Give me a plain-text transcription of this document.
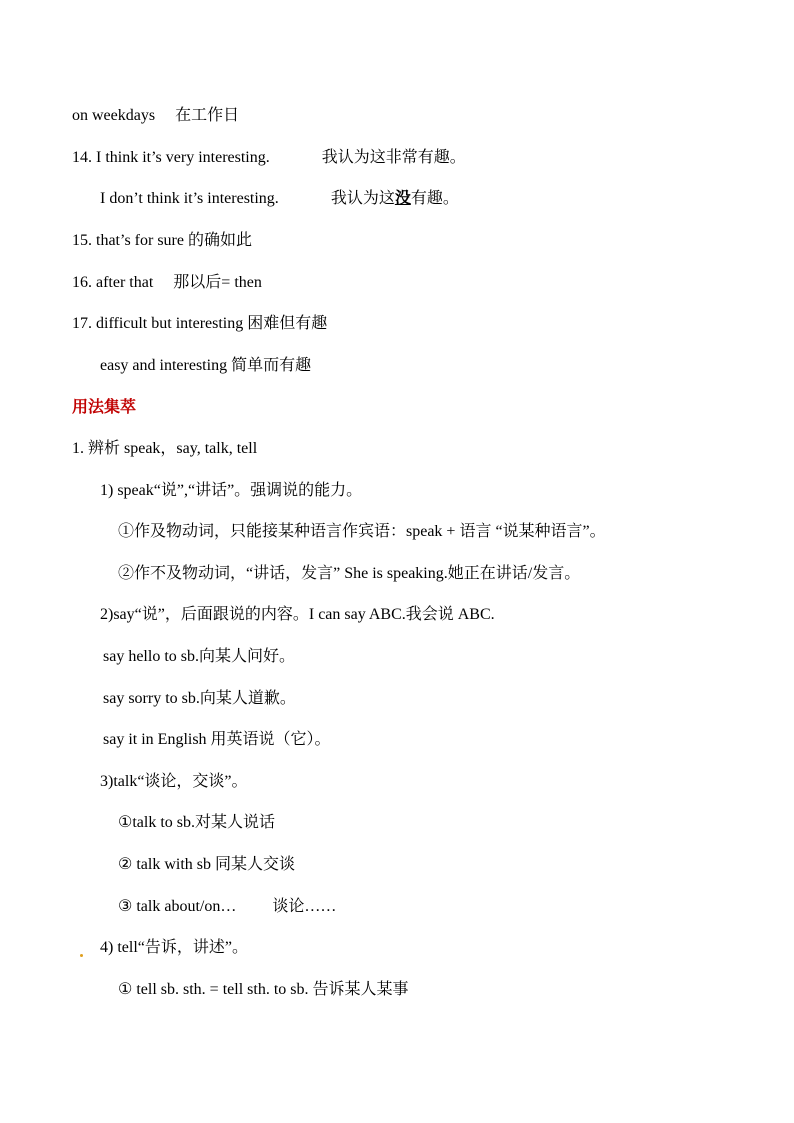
on weekdays 在工作日
14. I think it’s very interesting.	我认为这非常有趣。
I don’t think it’s interesting.	我认为这没有趣。
15. that’s for sure 的确如此
16. after that 那以后= then
17. difficult but interesting 困难但有趣
easy and interesting 简单而有趣
用法集萃
1. 辨析 speak，say, talk, tell
1) speak“说”,“讲话”。强调说的能力。
①作及物动词，只能接某种语言作宾语：speak + 语言 “说某种语言”。
②作不及物动词，“讲话，发言” She is speaking.她正在讲话/发言。
2)say“说”，后面跟说的内容。I can say ABC.我会说 ABC.
say hello to sb.向某人问好。
say sorry to sb.向某人道歉。
say it in English 用英语说（它）。
3)talk“谈论，交谈”。
①talk to sb.对某人说话
② talk with sb 同某人交谈
③ talk about/on… 谈论……
4) tell“告诉，讲述”。
① tell sb. sth. = tell sth. to sb. 告诉某人某事
